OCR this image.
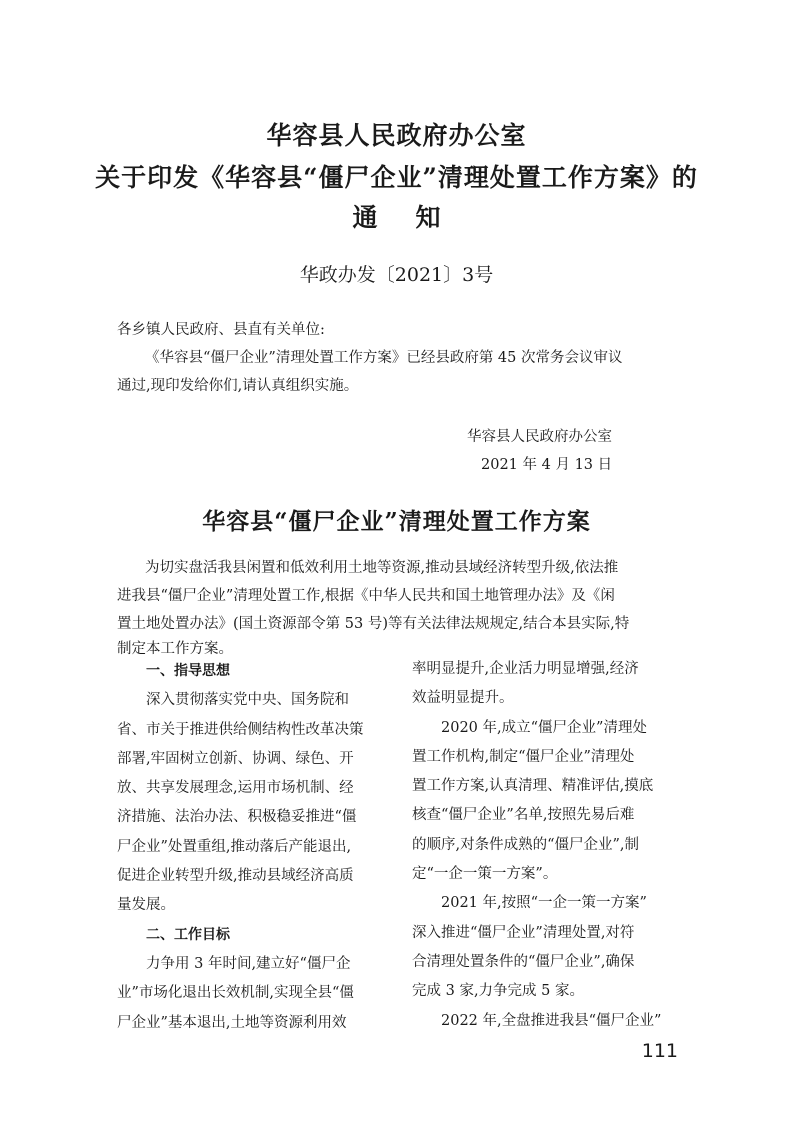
华容县人民政府办公室
关于印发《华容县“僵尸企业”清理处置工作方案》的
通 知
华政办发〔2021〕3号
各乡镇人民政府、县直有关单位:
《华容县“僵尸企业”清理处置工作方案》已经县政府第 45 次常务会议审议
通过,现印发给你们,请认真组织实施。
华容县人民政府办公室
2021 年 4 月 13 日
华容县“僵尸企业”清理处置工作方案
为切实盘活我县闲置和低效利用土地等资源,推动县域经济转型升级,依法推
进我县“僵尸企业”清理处置工作,根据《中华人民共和国土地管理办法》及《闲
置土地处置办法》(国土资源部令第 53 号)等有关法律法规规定,结合本县实际,特
制定本工作方案。
一、指导思想
深入贯彻落实党中央、国务院和
省、市关于推进供给侧结构性改革决策
部署,牢固树立创新、协调、绿色、开
放、共享发展理念,运用市场机制、经
济措施、法治办法、积极稳妥推进“僵
尸企业”处置重组,推动落后产能退出,
促进企业转型升级,推动县域经济高质
量发展。
二、工作目标
力争用 3 年时间,建立好“僵尸企
业”市场化退出长效机制,实现全县“僵
尸企业”基本退出,土地等资源利用效
率明显提升,企业活力明显增强,经济
效益明显提升。
2020 年,成立“僵尸企业”清理处
置工作机构,制定“僵尸企业”清理处
置工作方案,认真清理、精准评估,摸底
核查“僵尸企业”名单,按照先易后难
的顺序,对条件成熟的“僵尸企业”,制
定“一企一策一方案”。
2021 年,按照“一企一策一方案”
深入推进“僵尸企业”清理处置,对符
合清理处置条件的“僵尸企业”,确保
完成 3 家,力争完成 5 家。
2022 年,全盘推进我县“僵尸企业”
111
